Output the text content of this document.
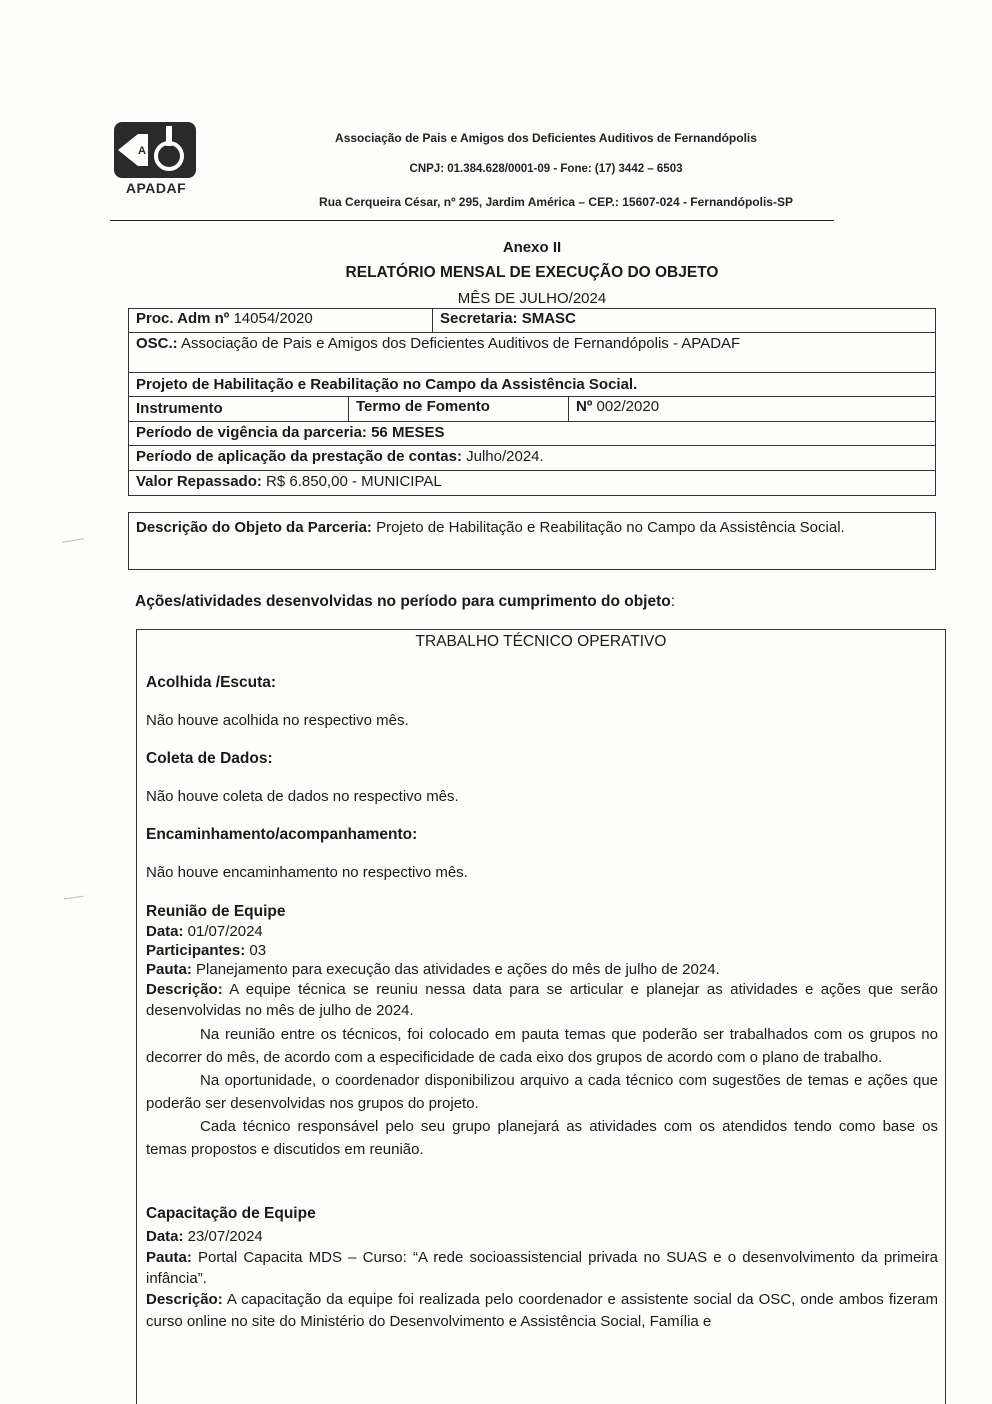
A
APADAF
Associação de Pais e Amigos dos Deficientes Auditivos de Fernandópolis
CNPJ: 01.384.628/0001-09 - Fone: (17) 3442 – 6503
Rua Cerqueira César, nº 295, Jardim América – CEP.: 15607-024 - Fernandópolis-SP
Anexo II
RELATÓRIO MENSAL DE EXECUÇÃO DO OBJETO
MÊS DE JULHO/2024
Proc. Adm nº 14054/2020	Secretaria: SMASC
OSC.: Associação de Pais e Amigos dos Deficientes Auditivos de Fernandópolis - APADAF
Projeto de Habilitação e Reabilitação no Campo da Assistência Social.
Instrumento	Termo de Fomento	Nº 002/2020
Período de vigência da parceria: 56 MESES
Período de aplicação da prestação de contas: Julho/2024.
Valor Repassado: R$ 6.850,00 - MUNICIPAL
Descrição do Objeto da Parceria: Projeto de Habilitação e Reabilitação no Campo da Assistência Social.
Ações/atividades desenvolvidas no período para cumprimento do objeto:
TRABALHO TÉCNICO OPERATIVO
Acolhida /Escuta:
Não houve acolhida no respectivo mês.
Coleta de Dados:
Não houve coleta de dados no respectivo mês.
Encaminhamento/acompanhamento:
Não houve encaminhamento no respectivo mês.
Reunião de Equipe
Data: 01/07/2024
Participantes: 03
Pauta: Planejamento para execução das atividades e ações do mês de julho de 2024.
Descrição: A equipe técnica se reuniu nessa data para se articular e planejar as atividades e ações que serão desenvolvidas no mês de julho de 2024.
Na reunião entre os técnicos, foi colocado em pauta temas que poderão ser trabalhados com os grupos no decorrer do mês, de acordo com a especificidade de cada eixo dos grupos de acordo com o plano de trabalho.
Na oportunidade, o coordenador disponibilizou arquivo a cada técnico com sugestões de temas e ações que poderão ser desenvolvidas nos grupos do projeto.
Cada técnico responsável pelo seu grupo planejará as atividades com os atendidos tendo como base os temas propostos e discutidos em reunião.
Capacitação de Equipe
Data: 23/07/2024
Pauta: Portal Capacita MDS – Curso: “A rede socioassistencial privada no SUAS e o desenvolvimento da primeira infância”.
Descrição: A capacitação da equipe foi realizada pelo coordenador e assistente social da OSC, onde ambos fizeram curso online no site do Ministério do Desenvolvimento e Assistência Social, Família e
